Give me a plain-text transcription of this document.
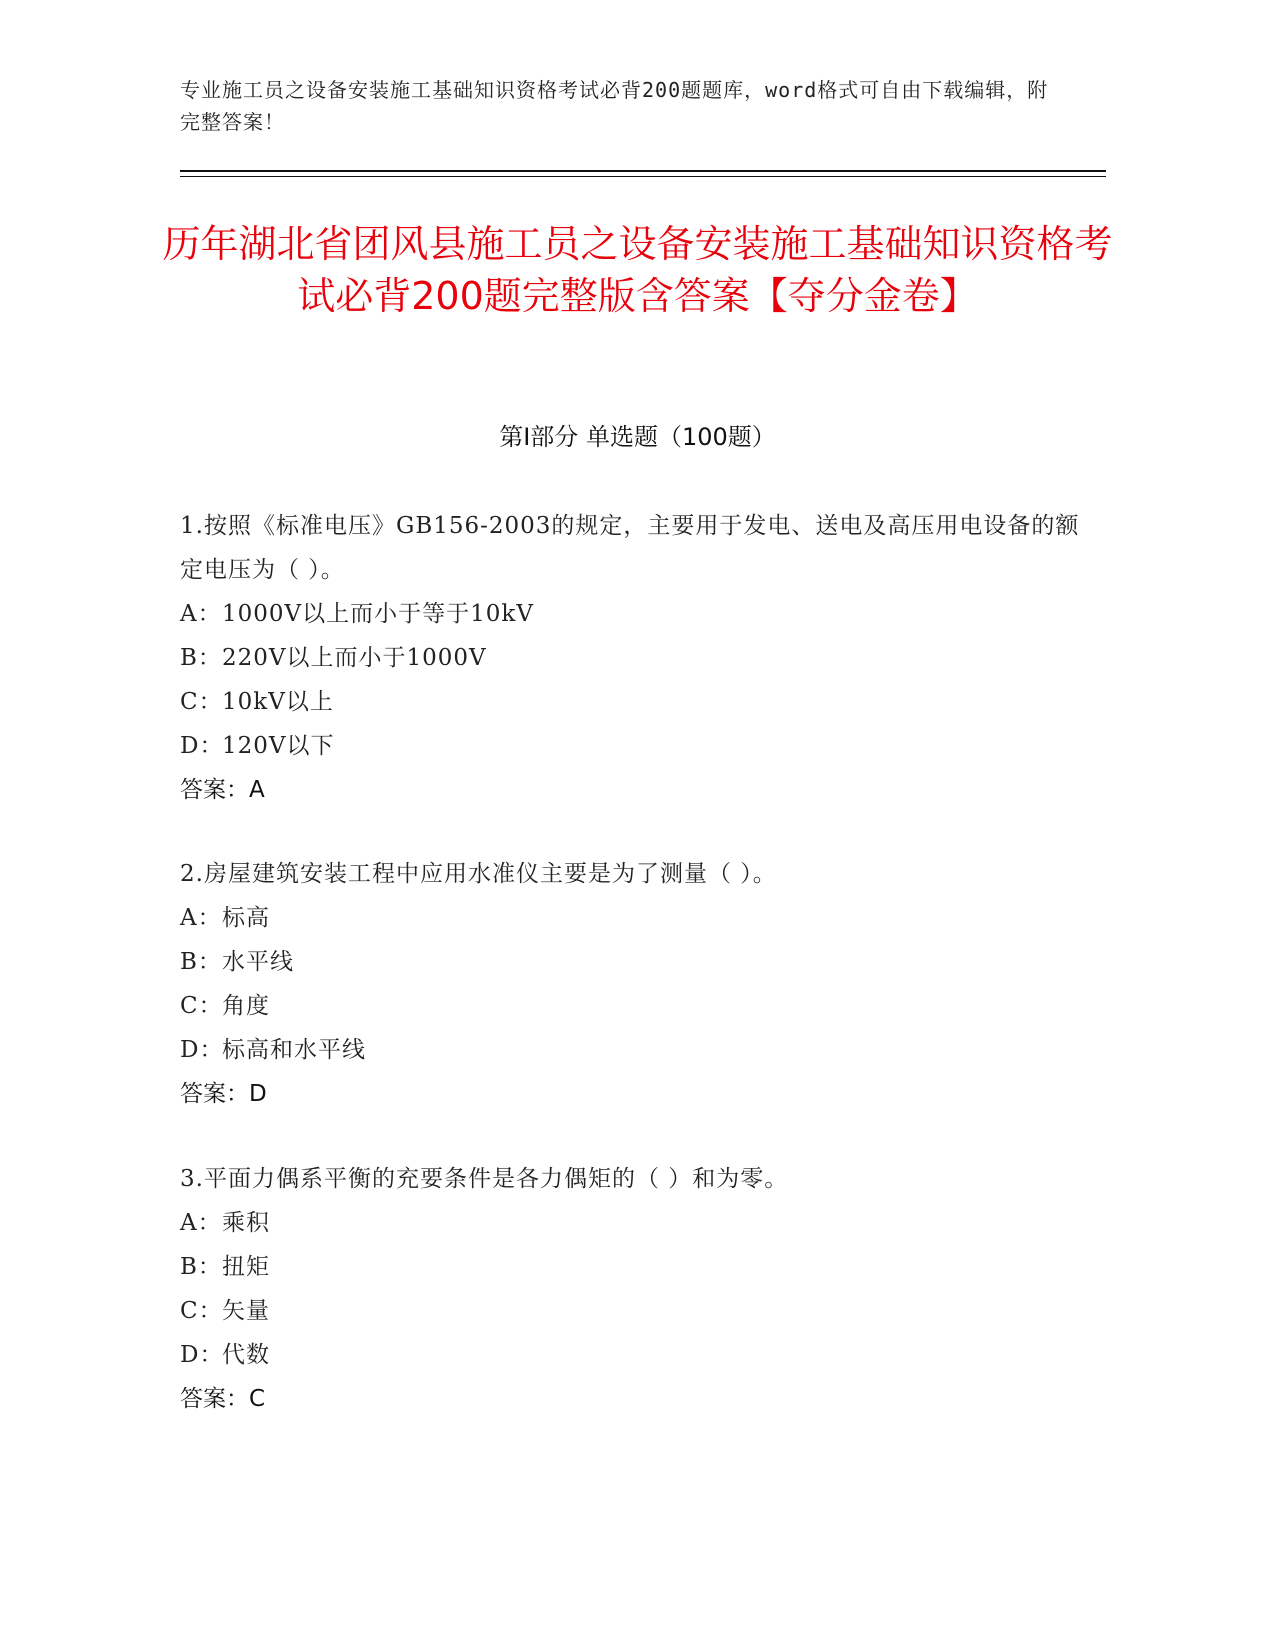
专业施工员之设备安装施工基础知识资格考试必背200题题库，word格式可自由下载编辑，附完整答案！
历年湖北省团风县施工员之设备安装施工基础知识资格考试必背200题完整版含答案【夺分金卷】
第Ⅰ部分 单选题（100题）
1.按照《标准电压》GB156-2003的规定，主要用于发电、送电及高压用电设备的额定电压为（ ）。
A： 1000V以上而小于等于10kV
B： 220V以上而小于1000V
C： 10kV以上
D：
120V以下
答案：A
2.房屋建筑安装工程中应用水准仪主要是为了测量（ ）。
A： 标高
B： 水平线
C： 角度
D：
标高和水平线
答案：D
3.平面力偶系平衡的充要条件是各力偶矩的（ ）和为零。
A： 乘积
B： 扭矩
C： 矢量
D：
代数
答案：C
